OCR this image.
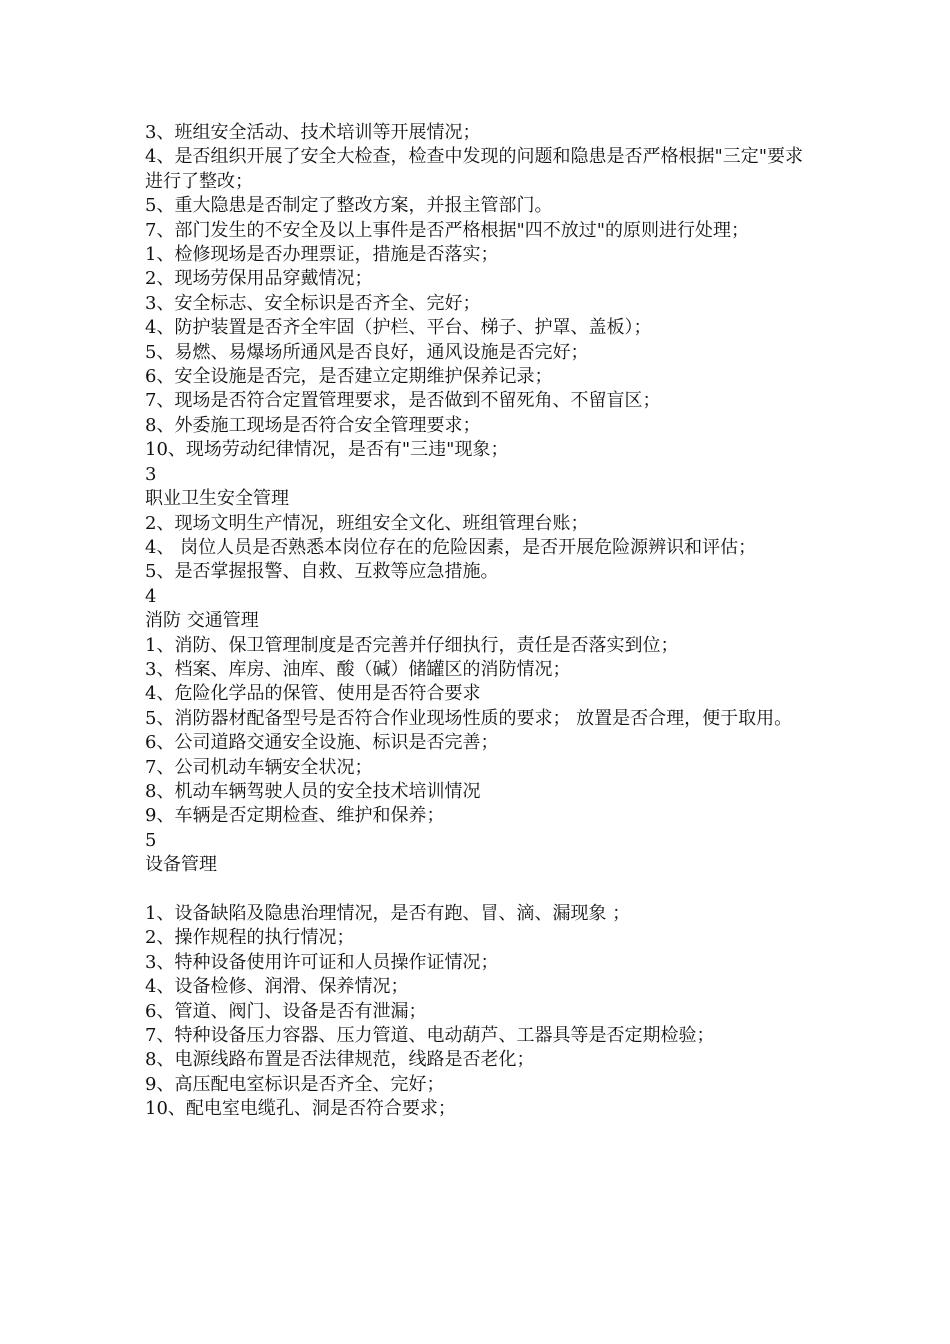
3、班组安全活动、技术培训等开展情况；

4、是否组织开展了安全大检查，检查中发现的问题和隐患是否严格根据"三定"要求进行了整改；

5、重大隐患是否制定了整改方案，并报主管部门。

7、部门发生的不安全及以上事件是否严格根据"四不放过"的原则进行处理；

1、检修现场是否办理票证，措施是否落实；

2、现场劳保用品穿戴情况；

3、安全标志、安全标识是否齐全、完好；

4、防护装置是否齐全牢固（护栏、平台、梯子、护罩、盖板）；

5、易燃、易爆场所通风是否良好，通风设施是否完好；

6、安全设施是否完，是否建立定期维护保养记录；

7、现场是否符合定置管理要求，是否做到不留死角、不留盲区；

8、外委施工现场是否符合安全管理要求；

10、现场劳动纪律情况，是否有"三违"现象；

3

职业卫生安全管理

2、现场文明生产情况，班组安全文化、班组管理台账；

4、 岗位人员是否熟悉本岗位存在的危险因素，是否开展危险源辨识和评估；

5、是否掌握报警、自救、互救等应急措施。

4

消防 交通管理

1、消防、保卫管理制度是否完善并仔细执行，责任是否落实到位；

3、档案、库房、油库、酸（碱）储罐区的消防情况；

4、危险化学品的保管、使用是否符合要求

5、消防器材配备型号是否符合作业现场性质的要求； 放置是否合理，便于取用。

6、公司道路交通安全设施、标识是否完善；

7、公司机动车辆安全状况；

8、机动车辆驾驶人员的安全技术培训情况

9、车辆是否定期检查、维护和保养；

5

设备管理

1、设备缺陷及隐患治理情况，是否有跑、冒、滴、漏现象 ；

2、操作规程的执行情况；

3、特种设备使用许可证和人员操作证情况；

4、设备检修、润滑、保养情况；

6、管道、阀门、设备是否有泄漏；

7、特种设备压力容器、压力管道、电动葫芦、工器具等是否定期检验；

8、电源线路布置是否法律规范，线路是否老化；

9、高压配电室标识是否齐全、完好；

10、配电室电缆孔、洞是否符合要求；
